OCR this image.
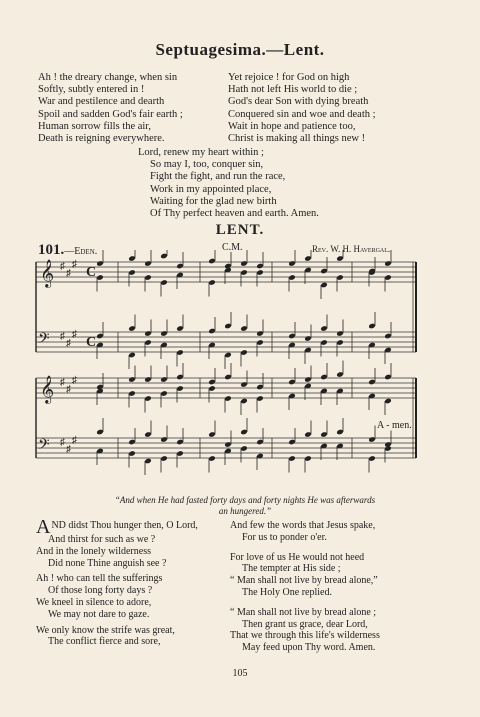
Septuagesima.—Lent.
Ah ! the dreary change, when sin
Softly, subtly entered in !
War and pestilence and dearth
Spoil and sadden God's fair earth ;
Human sorrow fills the air,
Death is reigning everywhere.
Yet rejoice ! for God on high
Hath not left His world to die ;
God's dear Son with dying breath
Conquered sin and woe and death ;
Wait in hope and patience too,
Christ is making all things new !
Lord, renew my heart within ;
So may I, too, conquer sin,
Fight the fight, and run the race,
Work in my appointed place,
Waiting for the glad new birth
Of Thy perfect heaven and earth. Amen.
LENT.
101.—Eden.	C.M.	Rev. W. H. Havergal.
𝄞
𝄞
𝄢
𝄢
♯
♯
♯
♯
♯
♯
♯
♯
♯
♯
♯
♯
C
C
A - men.
“And when He had fasted forty days and forty nights He was afterwards
an hungered.”
AND didst Thou hunger then, O Lord,
And thirst for such as we ?
And in the lonely wilderness
Did none Thine anguish see ?
Ah ! who can tell the sufferings
Of those long forty days ?
We kneel in silence to adore,
We may not dare to gaze.
We only know the strife was great,
The conflict fierce and sore,
And few the words that Jesus spake,
For us to ponder o'er.
For love of us He would not heed
The tempter at His side ;
“ Man shall not live by bread alone,”
The Holy One replied.
“ Man shall not live by bread alone ;
Then grant us grace, dear Lord,
That we through this life's wilderness
May feed upon Thy word. Amen.
105
